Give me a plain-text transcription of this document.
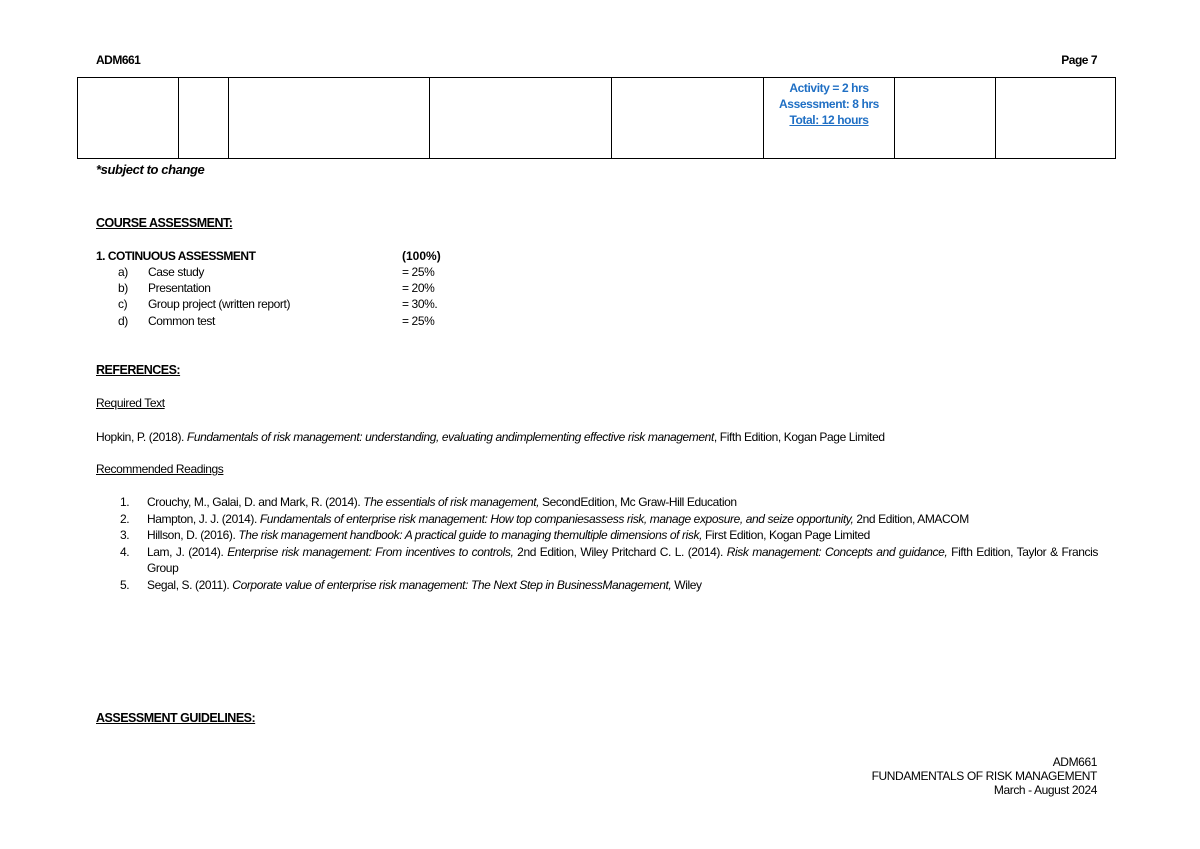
ADM661	Page 7

Activity = 2 hrs
Assessment: 8 hrs
Total: 12 hours

*subject to change
COURSE ASSESSMENT:
1. COTINUOUS ASSESSMENT	(100%)
a) Case study	= 25%
b) Presentation	= 20%
c) Group project (written report)	= 30%.
d) Common test	= 25%
REFERENCES:
Required Text
Hopkin, P. (2018). Fundamentals of risk management: understanding, evaluating andimplementing effective risk management, Fifth Edition, Kogan Page Limited
Recommended Readings
1. Crouchy, M., Galai, D. and Mark, R. (2014). The essentials of risk management, SecondEdition, Mc Graw-Hill Education
2. Hampton, J. J. (2014). Fundamentals of enterprise risk management: How top companiesassess risk, manage exposure, and seize opportunity, 2nd Edition, AMACOM
3. Hillson, D. (2016). The risk management handbook: A practical guide to managing themultiple dimensions of risk, First Edition, Kogan Page Limited
4. Lam, J. (2014). Enterprise risk management: From incentives to controls, 2nd Edition, Wiley Pritchard C. L. (2014). Risk management: Concepts and guidance, Fifth Edition, Taylor & Francis Group
5. Segal, S. (2011). Corporate value of enterprise risk management: The Next Step in BusinessManagement, Wiley
ASSESSMENT GUIDELINES:
ADM661
FUNDAMENTALS OF RISK MANAGEMENT
March - August 2024
